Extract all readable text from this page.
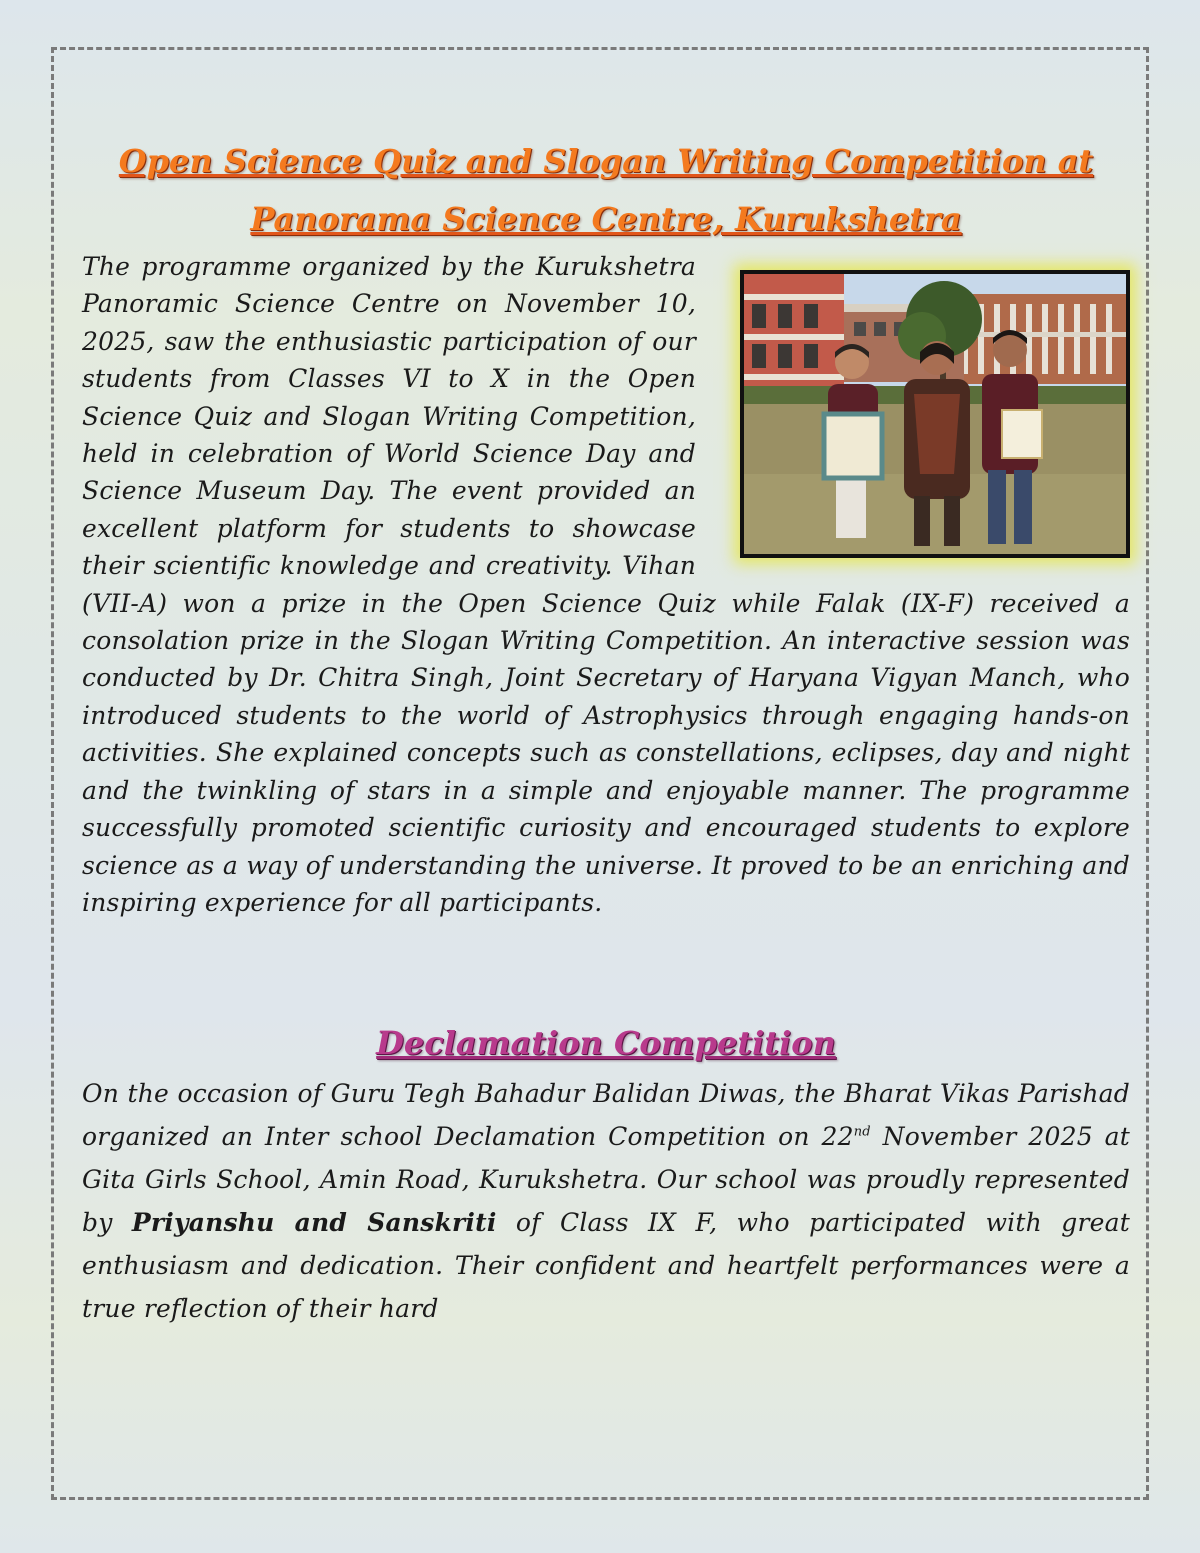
Open Science Quiz and Slogan Writing Competition at
Panorama Science Centre, Kurukshetra

The programme organized by the Kurukshetra Panoramic Science Centre on November 10, 2025, saw the enthusiastic participation of our students from Classes VI to X in the Open Science Quiz and Slogan Writing Competition, held in celebration of World Science Day and Science Museum Day. The event provided an excellent platform for students to showcase their scientific knowledge and creativity. Vihan (VII-A) won a prize in the Open Science Quiz while Falak (IX-F) received a consolation prize in the Slogan Writing Competition. An interactive session was conducted by Dr. Chitra Singh, Joint Secretary of Haryana Vigyan Manch, who introduced students to the world of Astrophysics through engaging hands-on activities. She explained concepts such as constellations, eclipses, day and night and the twinkling of stars in a simple and enjoyable manner. The programme successfully promoted scientific curiosity and encouraged students to explore science as a way of understanding the universe. It proved to be an enriching and inspiring experience for all participants.

Declamation Competition

On the occasion of Guru Tegh Bahadur Balidan Diwas, the Bharat Vikas Parishad organized an Inter school Declamation Competition on 22nd November 2025 at Gita Girls School, Amin Road, Kurukshetra. Our school was proudly represented by Priyanshu and Sanskriti of Class IX F, who participated with great enthusiasm and dedication. Their confident and heartfelt performances were a true reflection of their hard
